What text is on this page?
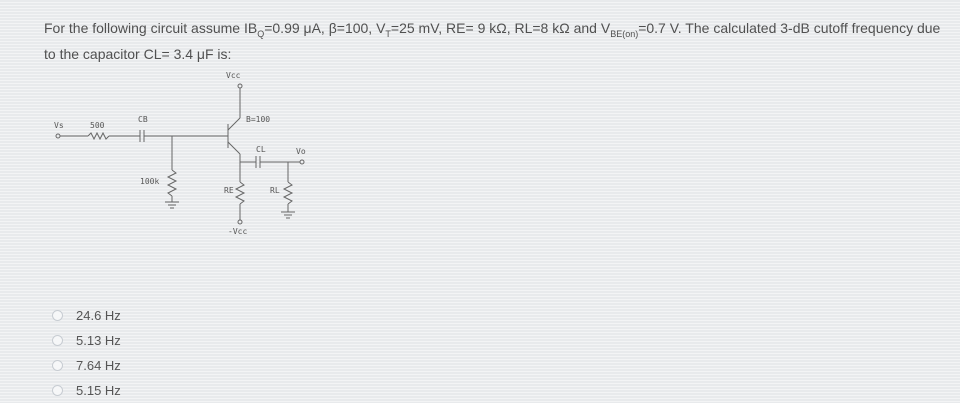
For the following circuit assume $IB_Q=0.99$ μA, β=100, $V_T=25$ mV, RE= 9 kΩ, RL=8 kΩ and $V_{BE(on)}=0.7$ V. The calculated 3-dB cutoff frequency due to the capacitor CL= 3.4 μF is:
Vcc
Vs	500
CB	B=100
CL	Vo
100k
RE	RL
-Vcc
24.6 Hz
5.13 Hz
7.64 Hz
5.15 Hz
